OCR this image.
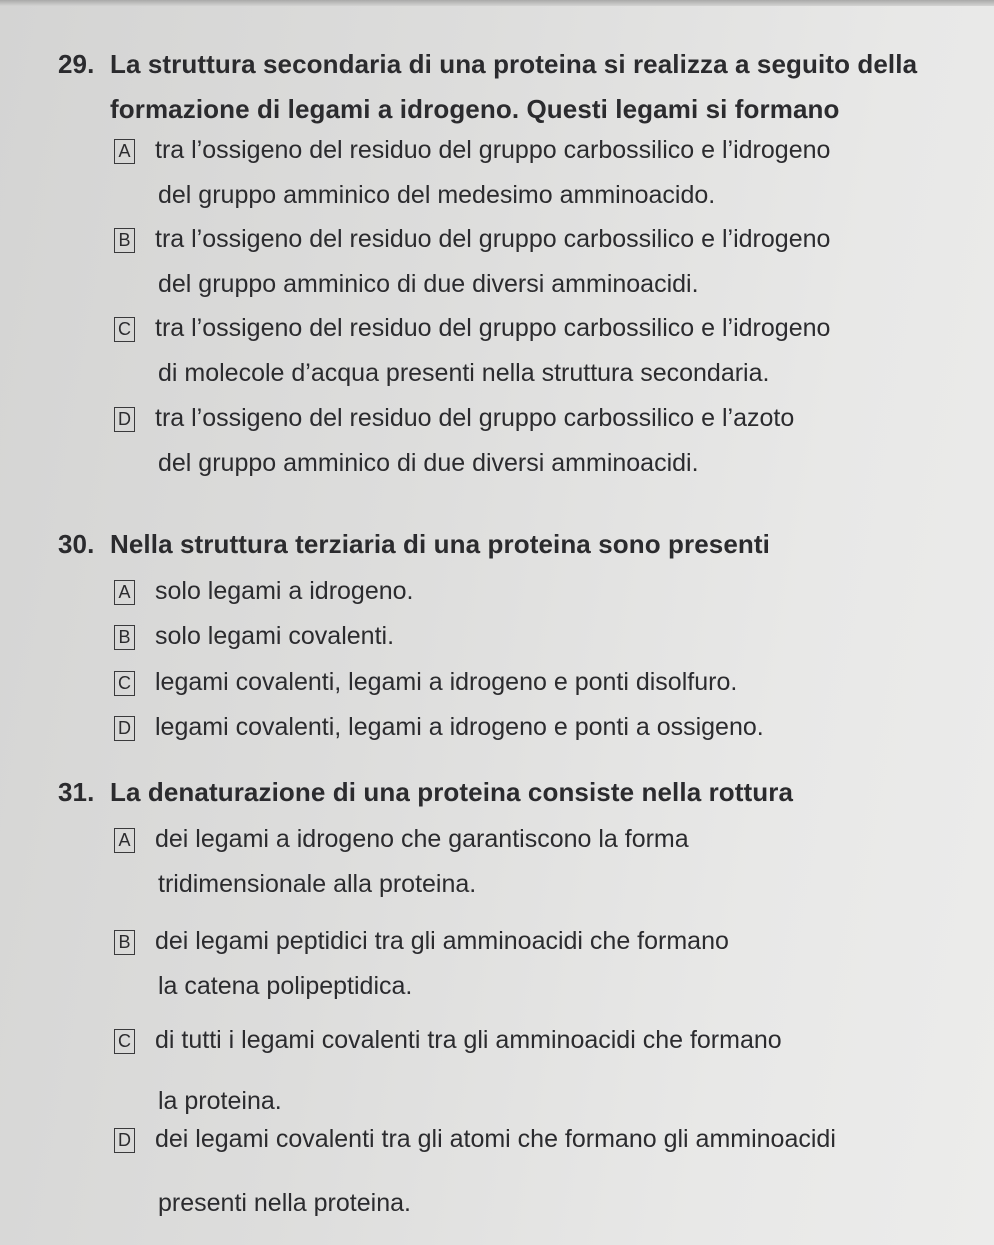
29. La struttura secondaria di una proteina si realizza a seguito della
formazione di legami a idrogeno. Questi legami si formano
A tra l’ossigeno del residuo del gruppo carbossilico e l’idrogeno
del gruppo amminico del medesimo amminoacido.
B tra l’ossigeno del residuo del gruppo carbossilico e l’idrogeno
del gruppo amminico di due diversi amminoacidi.
C tra l’ossigeno del residuo del gruppo carbossilico e l’idrogeno
di molecole d’acqua presenti nella struttura secondaria.
D tra l’ossigeno del residuo del gruppo carbossilico e l’azoto
del gruppo amminico di due diversi amminoacidi.
30. Nella struttura terziaria di una proteina sono presenti
A solo legami a idrogeno.
B solo legami covalenti.
C legami covalenti, legami a idrogeno e ponti disolfuro.
D legami covalenti, legami a idrogeno e ponti a ossigeno.
31. La denaturazione di una proteina consiste nella rottura
A dei legami a idrogeno che garantiscono la forma
tridimensionale alla proteina.
B dei legami peptidici tra gli amminoacidi che formano
la catena polipeptidica.
C di tutti i legami covalenti tra gli amminoacidi che formano
la proteina.
D dei legami covalenti tra gli atomi che formano gli amminoacidi
presenti nella proteina.
